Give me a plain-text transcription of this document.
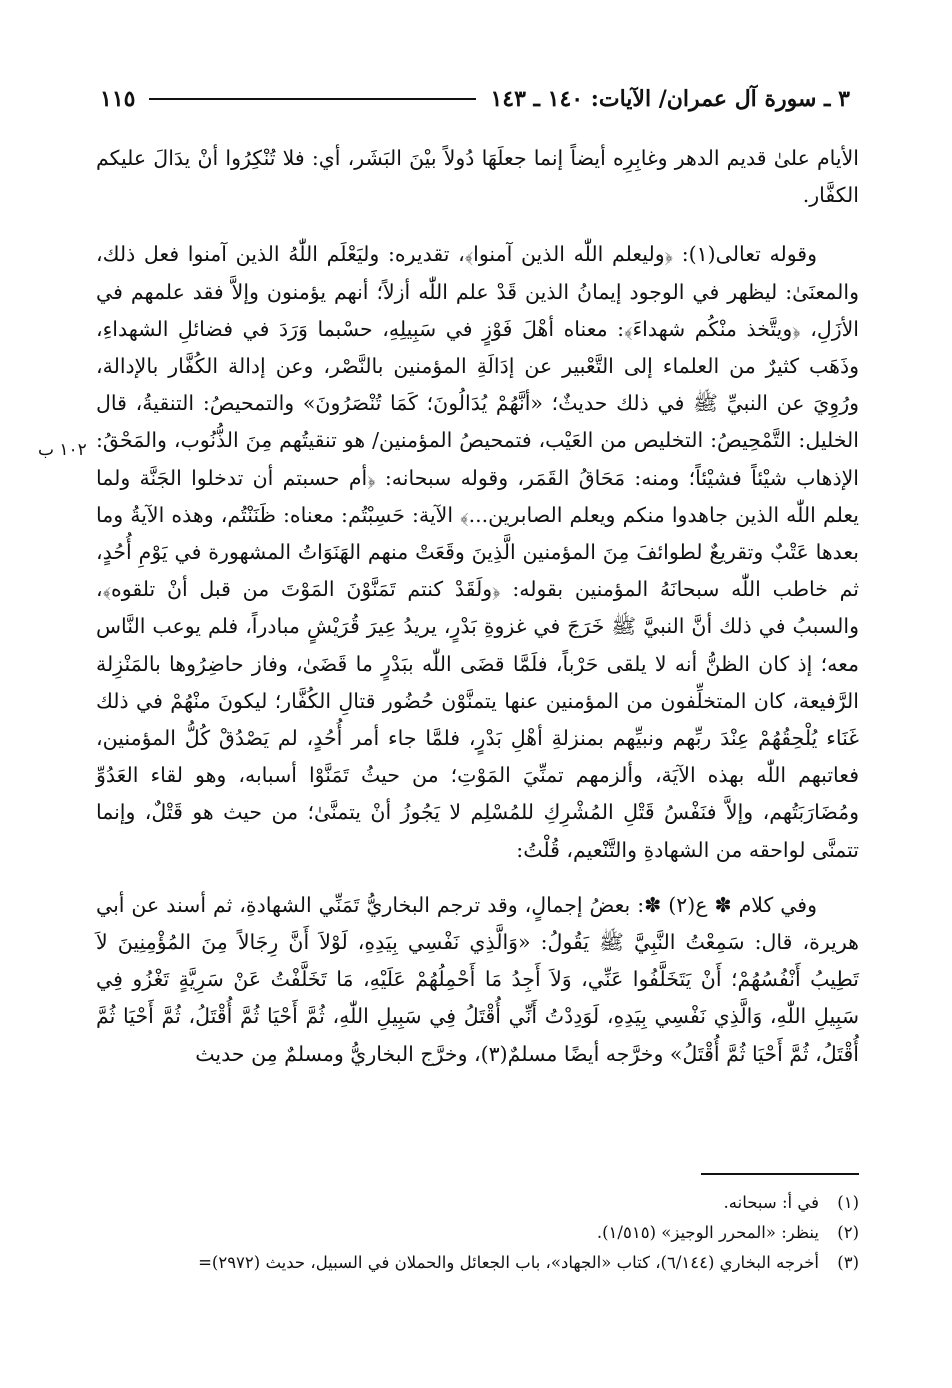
٣ ـ سورة آل عمران/ الآيات: ١٤٠ ـ ١٤٣
١١٥
١٠٢ ب

الأيام علىٰ قديم الدهر وغابِرِه أيضاً إنما جعلَهَا دُولاً بيْنَ البَشَر، أي: فلا تُنْكِرُوا أنْ يدَالَ عليكم الكفَّار.

وقوله تعالى(١): ﴿وليعلم اللّٰه الذين آمنوا﴾، تقديره: وليَعْلَم اللّٰهُ الذين آمنوا فعل ذلك، والمعنَىٰ: ليظهر في الوجود إيمانُ الذين قَدْ علم اللّٰه أزلاً؛ أنهم يؤمنون وإلاَّ فقد علمهم في الأزَلِ، ﴿ويتَّخذ منْكُم شهداءَ﴾: معناه أهْلَ فَوْزٍ في سَبِيلِهِ، حسْبما وَرَدَ في فضائلِ الشهداءِ، وذَهَب كثيرٌ من العلماء إلى التَّعْبير عن إدَالَةِ المؤمنين بالنَّصْر، وعن إدالة الكُفَّار بالإدالة، ورُوِيَ عن النبيِّ ﷺ في ذلك حديثٌ؛ «أنَّهُمْ يُدَالُونَ؛ كَمَا تُنْصَرُونَ» والتمحيصُ: التنقيةُ، قال الخليل: التَّمْحِيصُ: التخليص من العَيْب، فتمحيصُ المؤمنين/ هو تنقيتُهم مِنَ الذُّنُوب، والمَحْقُ: الإذهاب شيْئاً فشيْئاً؛ ومنه: مَحَاقُ القَمَر، وقوله سبحانه: ﴿أم حسبتم أن تدخلوا الجَنَّة ولما يعلم اللّٰه الذين جاهدوا منكم ويعلم الصابرين...﴾ الآية: حَسِبْتُم: معناه: ظَنَنْتُم، وهذه الآيةُ وما بعدها عَتْبٌ وتقريعٌ لطوائفَ مِنَ المؤمنين الَّذِينَ وقَعَتْ منهم الهَنَوَاتُ المشهورة في يَوْمِ أُحُدٍ، ثم خاطب اللّٰه سبحانَهُ المؤمنين بقوله: ﴿ولَقَدْ كنتم تَمَنَّوْنَ المَوْتَ من قبل أنْ تلقوه﴾، والسببُ في ذلك أنَّ النبيَّ ﷺ خَرَجَ في غزوةِ بَدْرٍ، يريدُ عِيرَ قُرَيْشٍ مبادراً، فلم يوعب النَّاس معه؛ إذ كان الظنُّ أنه لا يلقى حَرْباً، فلَمَّا قضَى اللّٰه ببَدْرٍ ما قَضَىٰ، وفاز حاضِرُوها بالمَنْزِلة الرَّفيعة، كان المتخلِّفون من المؤمنين عنها يتمنَّوْن حُضُور قتالِ الكُفَّار؛ ليكونَ منْهُمْ في ذلك غَنَاء يُلْحِقُهُمْ عِنْدَ ربِّهم ونبيِّهم بمنزلةِ أهْلِ بَدْرٍ، فلمَّا جاء أمر أُحُدٍ، لم يَصْدُقْ كُلُّ المؤمنين، فعاتبهم اللّٰه بهذه الآيَة، وألزمهم تمنِّيَ المَوْتِ؛ من حيثُ تَمَنَّوْا أسبابه، وهو لقاء العَدُوِّ ومُضَارَبَتُهم، وإلاَّ فنَفْسُ قَتْلِ المُشْرِكِ للمُسْلِم لا يَجُوزُ أنْ يتمنَّىٰ؛ من حيث هو قَتْلٌ، وإنما تتمنَّى لواحقه من الشهادةِ والتَّنْعيم، قُلْتُ:

وفي كلام ✽ ع(٢) ✽: بعضُ إجمالٍ، وقد ترجم البخاريُّ تَمَنِّي الشهادةِ، ثم أسند عن أبي هريرة، قال: سَمِعْتُ النَّبِيَّ ﷺ يَقُولُ: «وَالَّذِي نَفْسِي بِيَدِهِ، لَوْلاَ أَنَّ رِجَالاً مِنَ المُؤْمِنِينَ لاَ تَطِيبُ أَنْفُسُهُمْ؛ أَنْ يَتَخَلَّفُوا عَنِّي، وَلاَ أَجِدُ مَا أَحْمِلُهُمْ عَلَيْهِ، مَا تَخَلَّفْتُ عَنْ سَرِيَّةٍ تَغْزُو فِي سَبِيلِ اللّٰهِ، وَالَّذِي نَفْسِي بِيَدِهِ، لَوَدِدْتُ أَنِّي أُقْتَلُ فِي سَبِيلِ اللّٰهِ، ثُمَّ أَحْيَا ثُمَّ أُقْتَلُ، ثُمَّ أَحْيَا ثُمَّ أُقْتَلُ، ثُمَّ أَحْيَا ثُمَّ أُقْتَلُ» وخرَّجه أيضًا مسلمٌ(٣)، وخرَّج البخاريُّ ومسلمٌ مِن حديث

(١)
في أ: سبحانه.
(٢)
ينظر: «المحرر الوجيز» (١/٥١٥).
(٣)
أخرجه البخاري (٦/١٤٤)، كتاب «الجهاد»، باب الجعائل والحملان في السبيل، حديث (٢٩٧٢)=
